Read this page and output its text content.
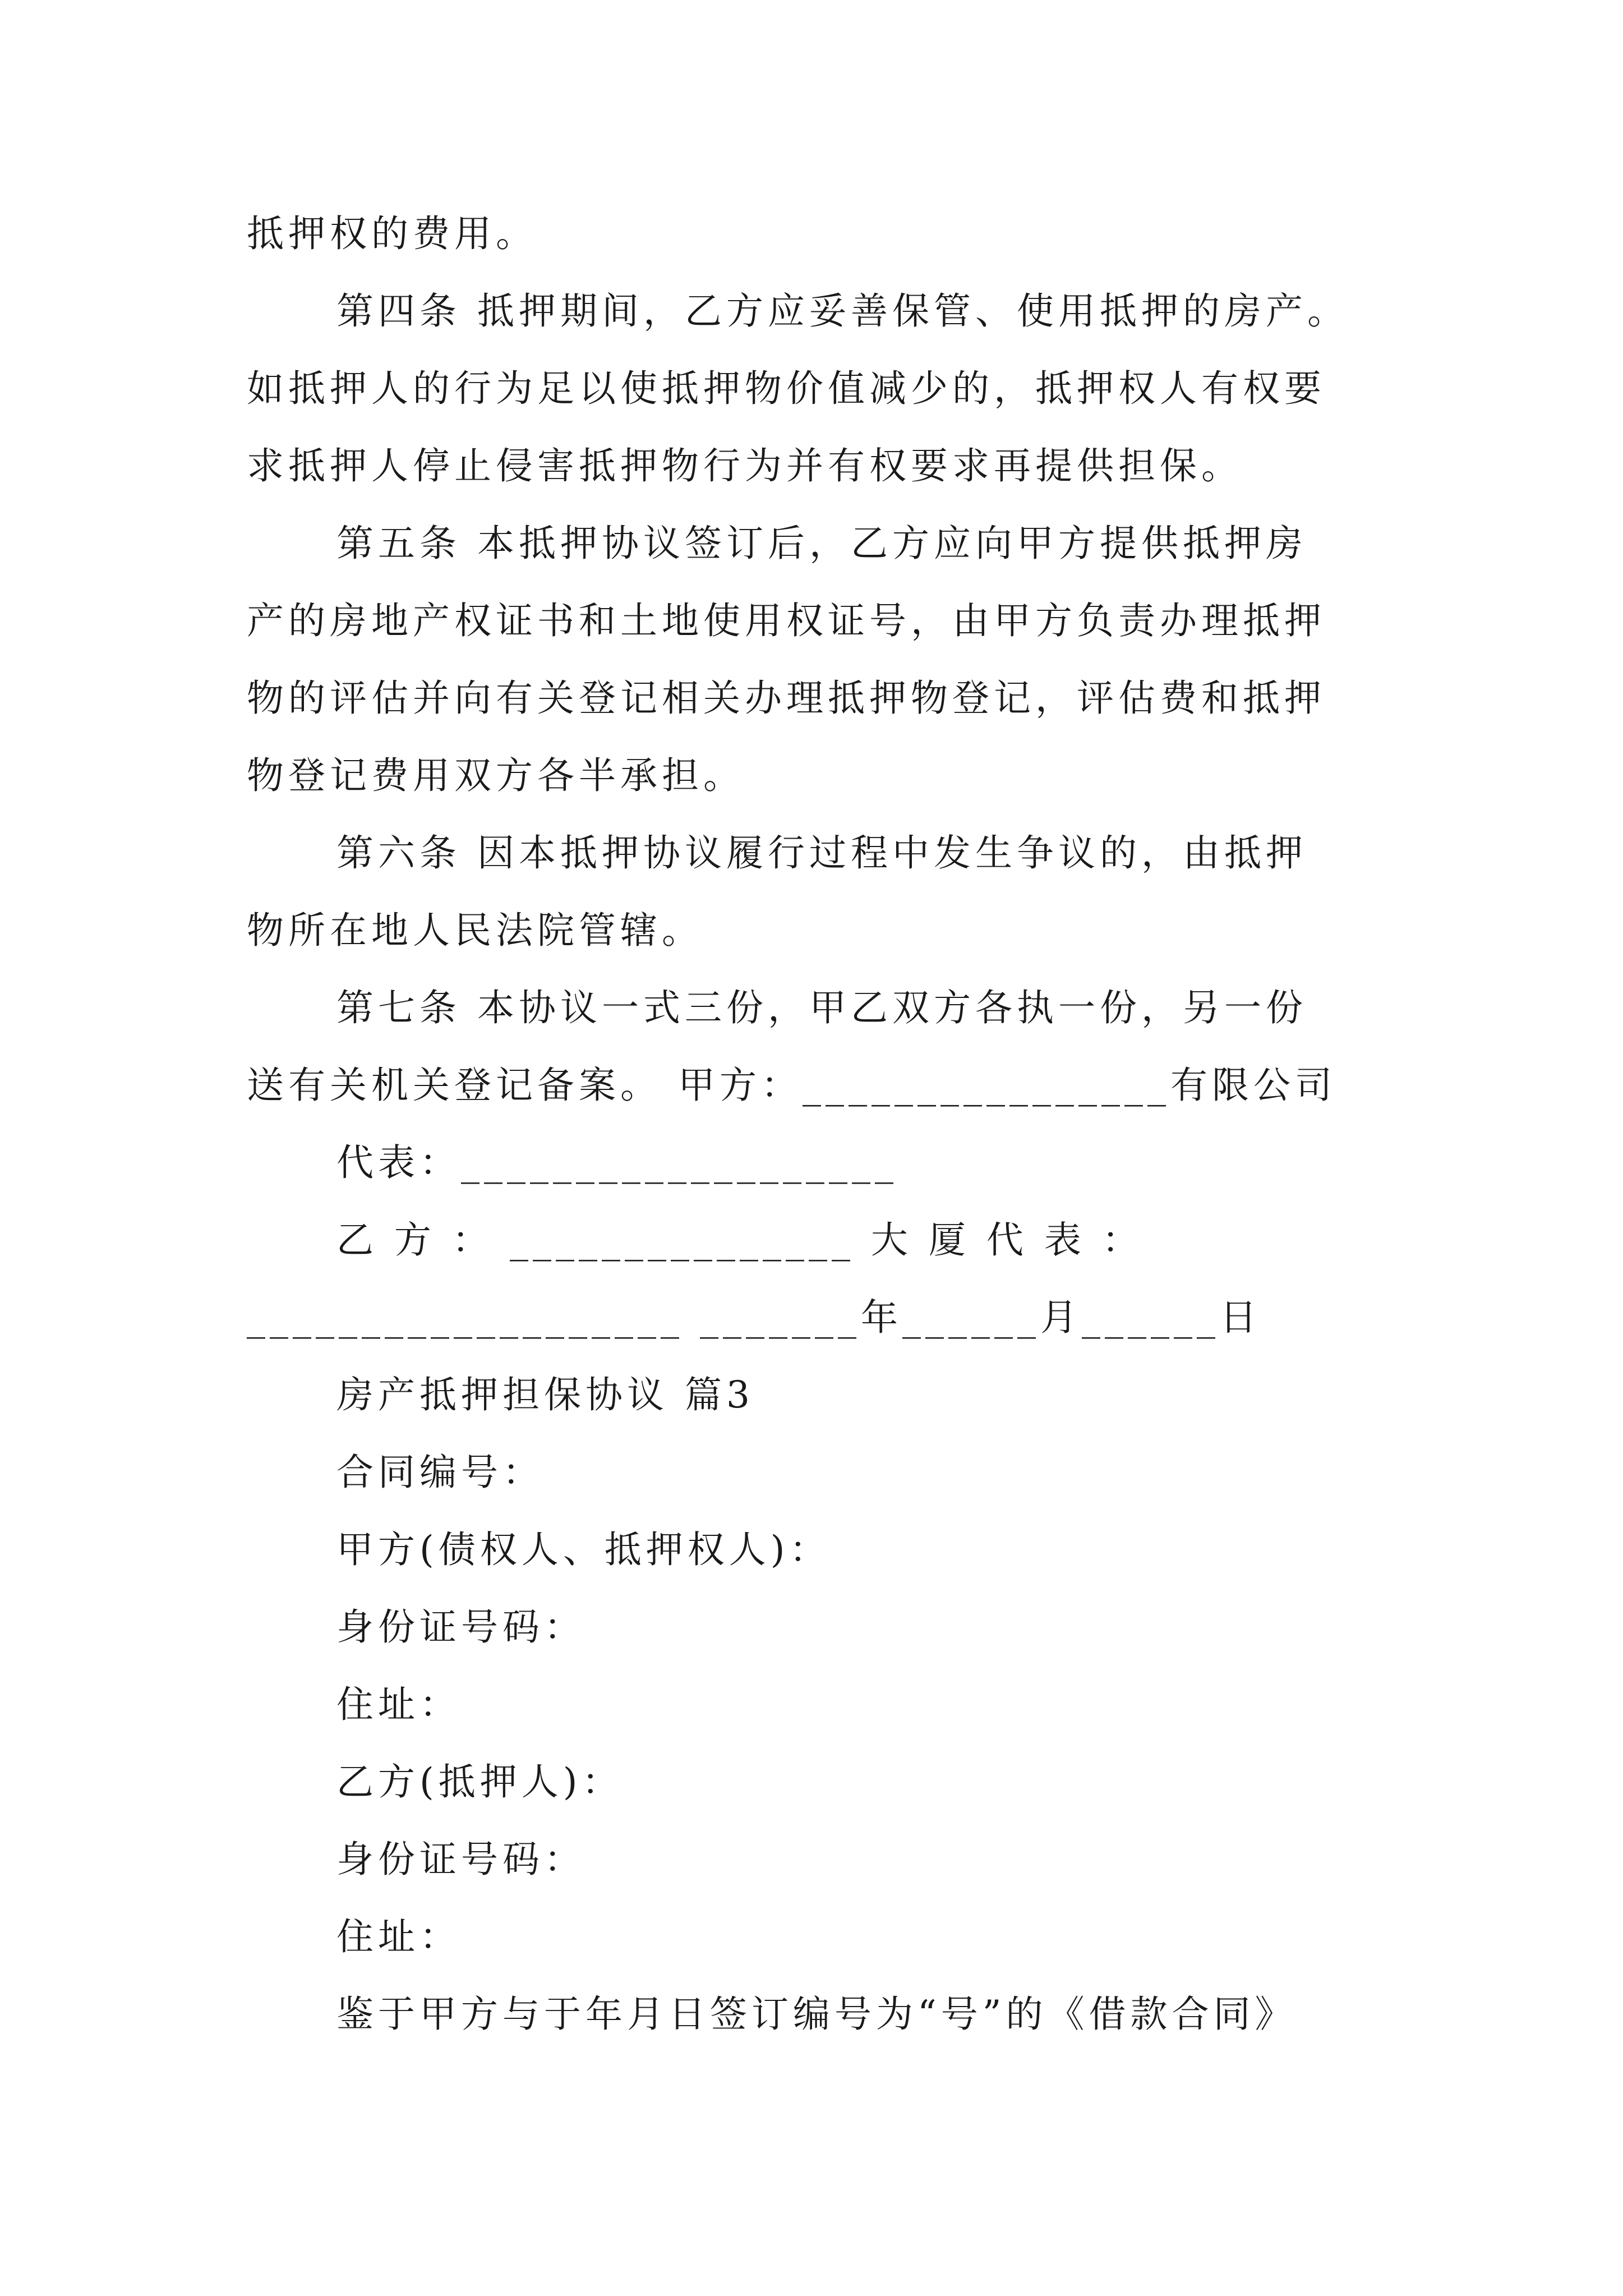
抵押权的费用。
第四条 抵押期间，乙方应妥善保管、使用抵押的房产。
如抵押人的行为足以使抵押物价值减少的，抵押权人有权要
求抵押人停止侵害抵押物行为并有权要求再提供担保。
第五条 本抵押协议签订后，乙方应向甲方提供抵押房
产的房地产权证书和土地使用权证号，由甲方负责办理抵押
物的评估并向有关登记相关办理抵押物登记，评估费和抵押
物登记费用双方各半承担。
第六条 因本抵押协议履行过程中发生争议的，由抵押
物所在地人民法院管辖。
第七条 本协议一式三份，甲乙双方各执一份，另一份
送有关机关登记备案。 甲方：________________有限公司
代表：___________________
乙 方 ： _______________ 大 厦 代 表 ：
___________________ _______年______月______日
房产抵押担保协议 篇3
合同编号：
甲方(债权人、抵押权人)：
身份证号码：
住址：
乙方(抵押人)：
身份证号码：
住址：
鉴于甲方与于年月日签订编号为“号”的《借款合同》
